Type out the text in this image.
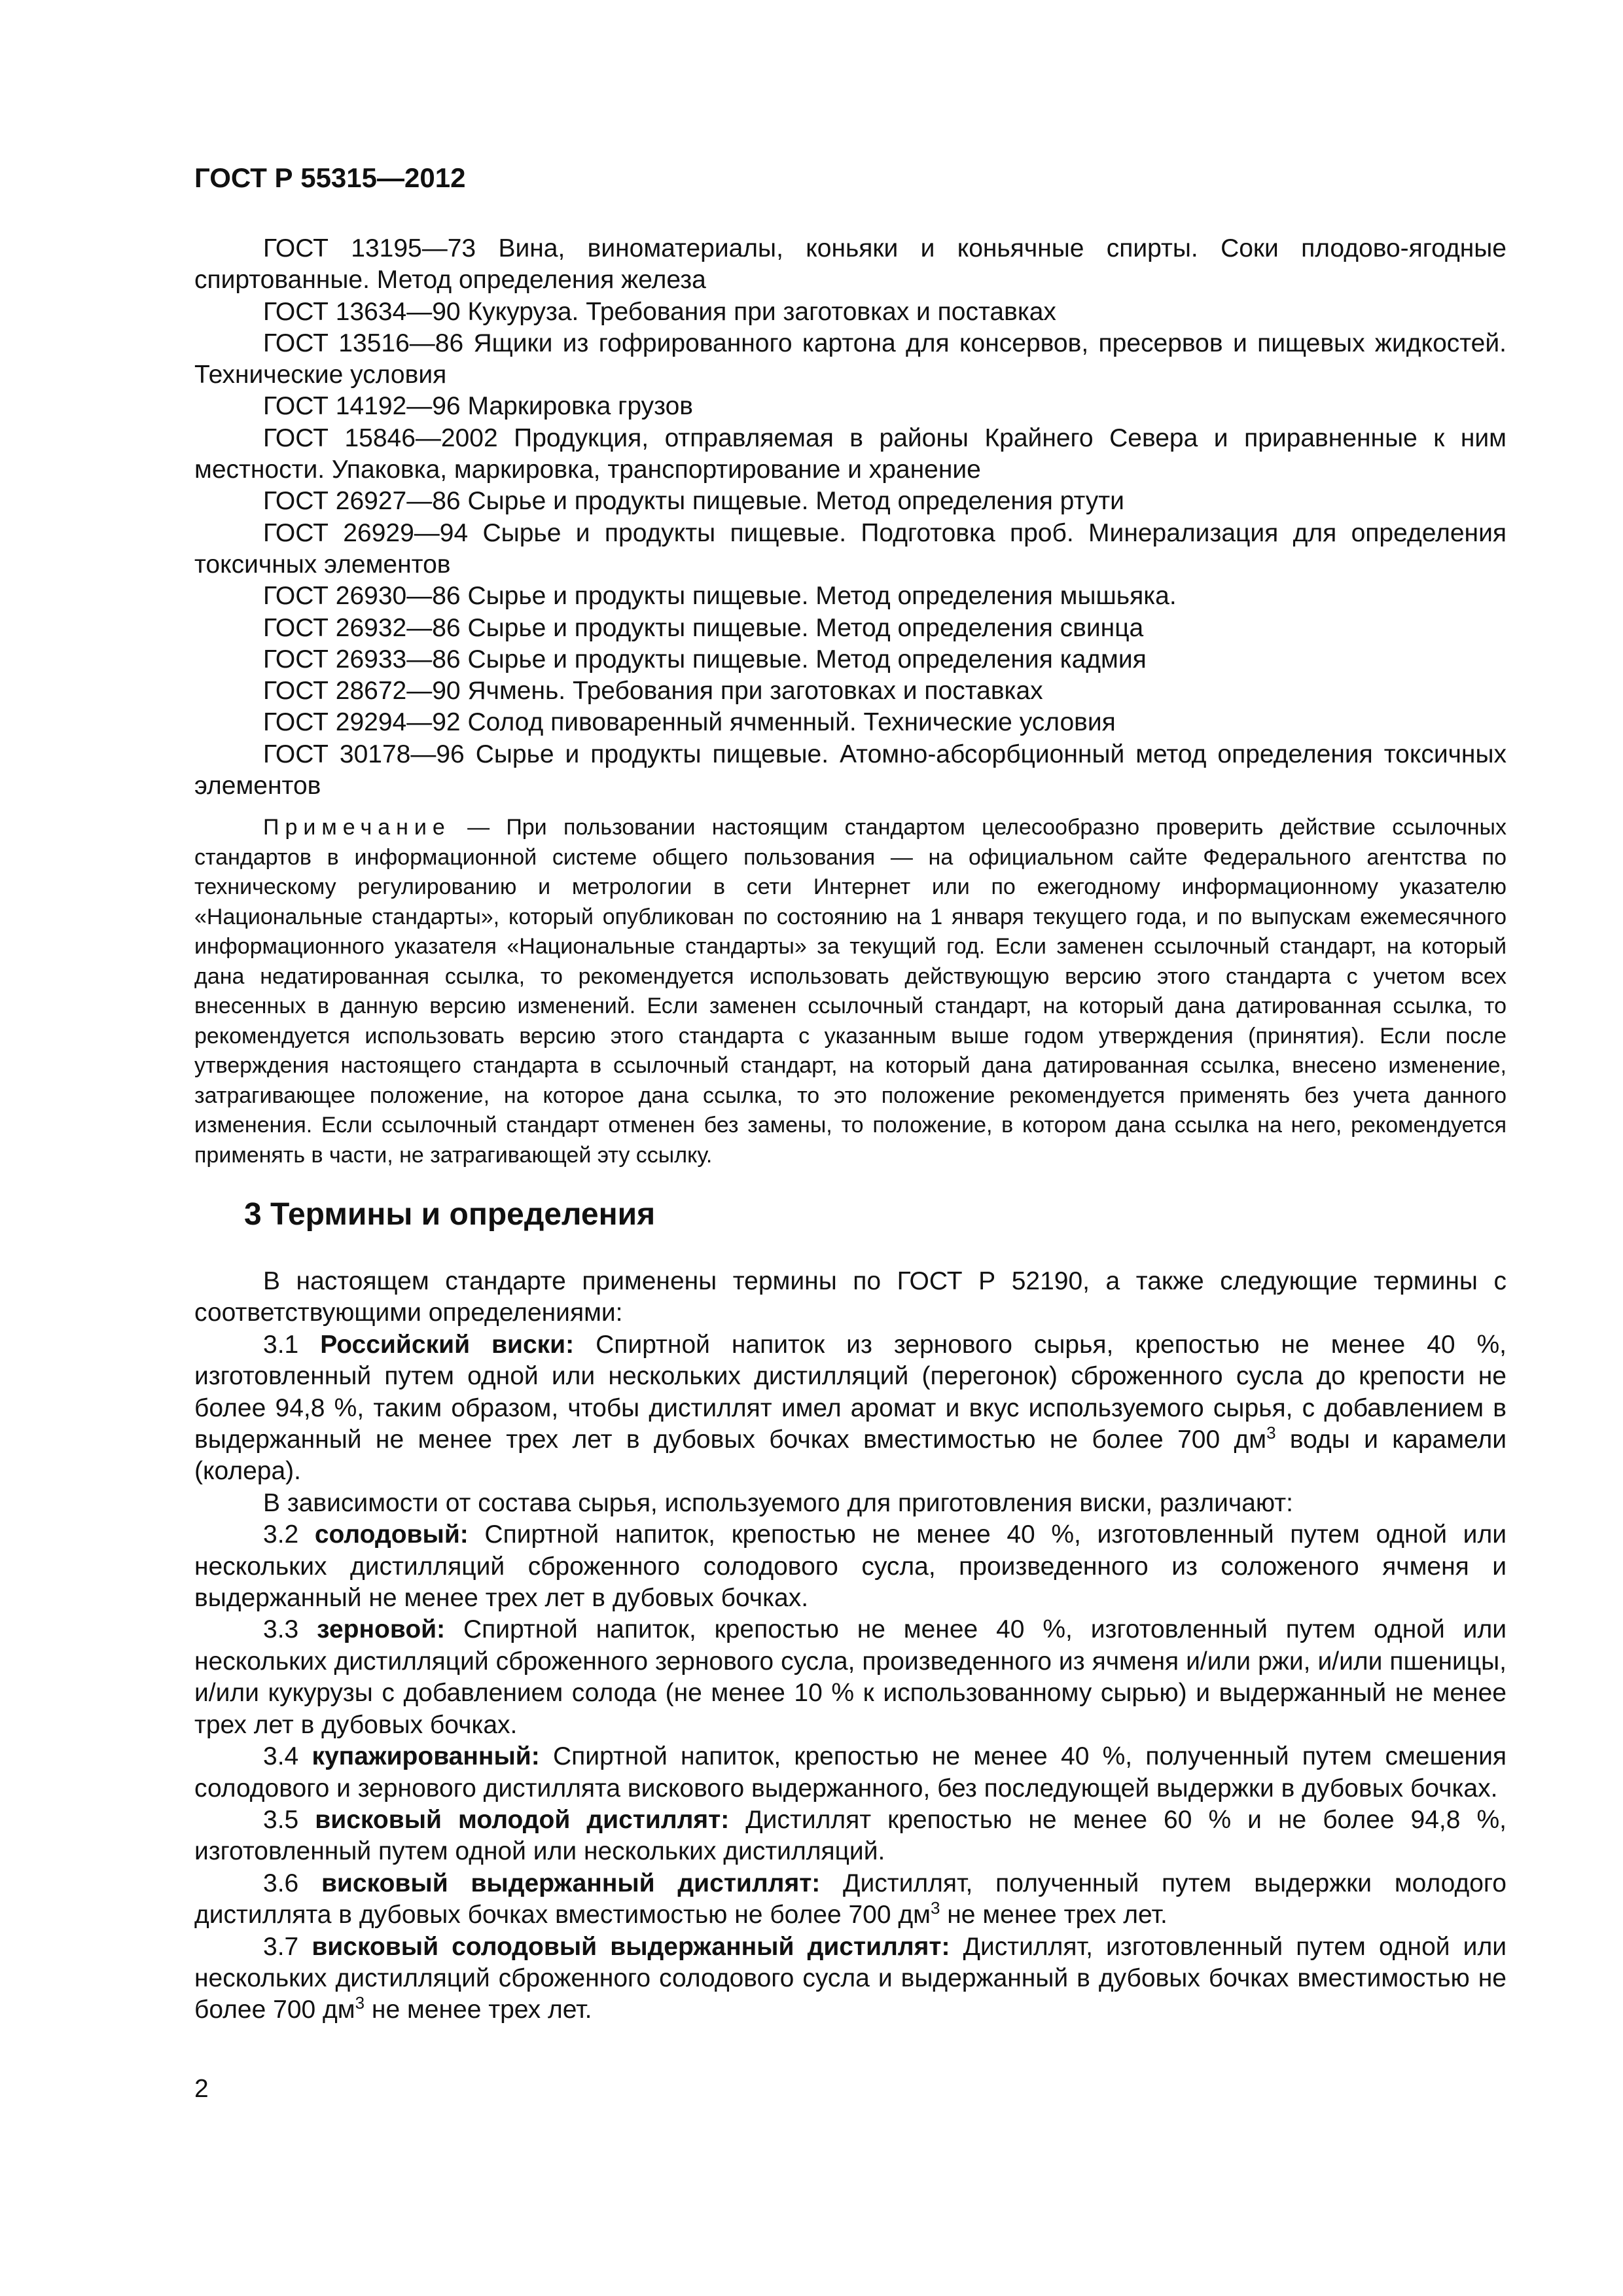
ГОСТ Р 55315—2012

ГОСТ 13195—73 Вина, виноматериалы, коньяки и коньячные спирты. Соки плодово-ягодные спиртованные. Метод определения железа

ГОСТ 13634—90 Кукуруза. Требования при заготовках и поставках

ГОСТ 13516—86 Ящики из гофрированного картона для консервов, пресервов и пищевых жидкостей. Технические условия

ГОСТ 14192—96 Маркировка грузов

ГОСТ 15846—2002 Продукция, отправляемая в районы Крайнего Севера и приравненные к ним местности. Упаковка, маркировка, транспортирование и хранение

ГОСТ 26927—86 Сырье и продукты пищевые. Метод определения ртути

ГОСТ 26929—94 Сырье и продукты пищевые. Подготовка проб. Минерализация для определения токсичных элементов

ГОСТ 26930—86 Сырье и продукты пищевые. Метод определения мышьяка.

ГОСТ 26932—86 Сырье и продукты пищевые. Метод определения свинца

ГОСТ 26933—86 Сырье и продукты пищевые. Метод определения кадмия

ГОСТ 28672—90 Ячмень. Требования при заготовках и поставках

ГОСТ 29294—92 Солод пивоваренный ячменный. Технические условия

ГОСТ 30178—96 Сырье и продукты пищевые. Атомно-абсорбционный метод определения токсичных элементов

Примечание — При пользовании настоящим стандартом целесообразно проверить действие ссылочных стандартов в информационной системе общего пользования — на официальном сайте Федерального агентства по техническому регулированию и метрологии в сети Интернет или по ежегодному информационному указателю «Национальные стандарты», который опубликован по состоянию на 1 января текущего года, и по выпускам ежемесячного информационного указателя «Национальные стандарты» за текущий год. Если заменен ссылочный стандарт, на который дана недатированная ссылка, то рекомендуется использовать действующую версию этого стандарта с учетом всех внесенных в данную версию изменений. Если заменен ссылочный стандарт, на который дана датированная ссылка, то рекомендуется использовать версию этого стандарта с указанным выше годом утверждения (принятия). Если после утверждения настоящего стандарта в ссылочный стандарт, на который дана датированная ссылка, внесено изменение, затрагивающее положение, на которое дана ссылка, то это положение рекомендуется применять без учета данного изменения. Если ссылочный стандарт отменен без замены, то положение, в котором дана ссылка на него, рекомендуется применять в части, не затрагивающей эту ссылку.

3 Термины и определения

В настоящем стандарте применены термины по ГОСТ Р 52190, а также следующие термины с соответствующими определениями:

3.1 Российский виски: Спиртной напиток из зернового сырья, крепостью не менее 40 %, изготовленный путем одной или нескольких дистилляций (перегонок) сброженного сусла до крепости не более 94,8 %, таким образом, чтобы дистиллят имел аромат и вкус используемого сырья, с добавлением в выдержанный не менее трех лет в дубовых бочках вместимостью не более 700 $дм^3$ воды и карамели (колера).

В зависимости от состава сырья, используемого для приготовления виски, различают:

3.2 солодовый: Спиртной напиток, крепостью не менее 40 %, изготовленный путем одной или нескольких дистилляций сброженного солодового сусла, произведенного из соложеного ячменя и выдержанный не менее трех лет в дубовых бочках.

3.3 зерновой: Спиртной напиток, крепостью не менее 40 %, изготовленный путем одной или нескольких дистилляций сброженного зернового сусла, произведенного из ячменя и/или ржи, и/или пшеницы, и/или кукурузы с добавлением солода (не менее 10 % к использованному сырью) и выдержанный не менее трех лет в дубовых бочках.

3.4 купажированный: Спиртной напиток, крепостью не менее 40 %, полученный путем смешения солодового и зернового дистиллята вискового выдержанного, без последующей выдержки в дубовых бочках.

3.5 висковый молодой дистиллят: Дистиллят крепостью не менее 60 % и не более 94,8 %, изготовленный путем одной или нескольких дистилляций.

3.6 висковый выдержанный дистиллят: Дистиллят, полученный путем выдержки молодого дистиллята в дубовых бочках вместимостью не более 700 $дм^3$ не менее трех лет.

3.7 висковый солодовый выдержанный дистиллят: Дистиллят, изготовленный путем одной или нескольких дистилляций сброженного солодового сусла и выдержанный в дубовых бочках вместимостью не более 700 $дм^3$ не менее трех лет.

2
